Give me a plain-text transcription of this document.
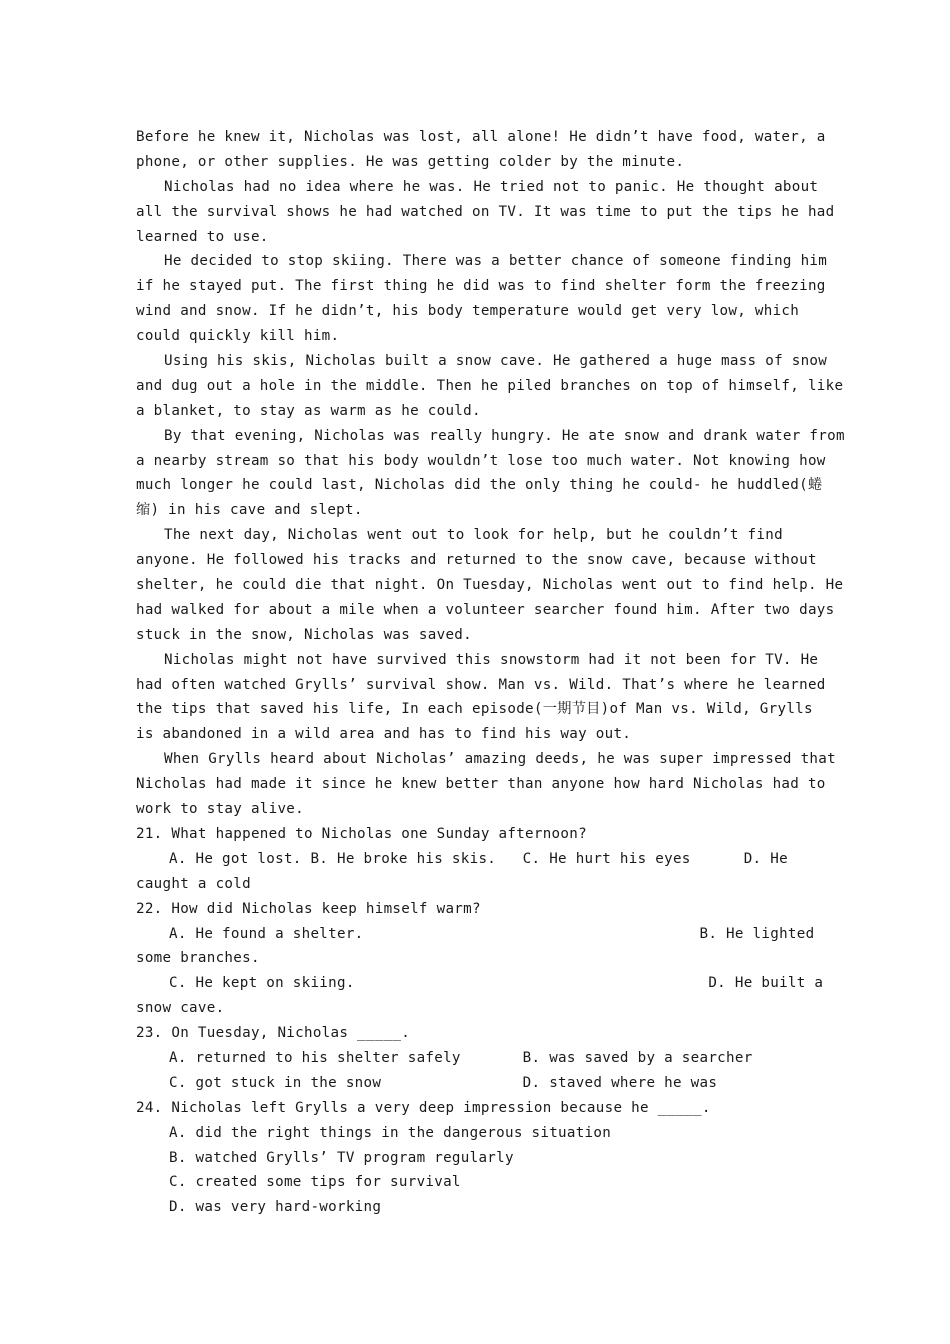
Before he knew it, Nicholas was lost, all alone! He didn’t have food, water, a
phone, or other supplies. He was getting colder by the minute.
Nicholas had no idea where he was. He tried not to panic. He thought about
all the survival shows he had watched on TV. It was time to put the tips he had
learned to use.
He decided to stop skiing. There was a better chance of someone finding him
if he stayed put. The first thing he did was to find shelter form the freezing
wind and snow. If he didn’t, his body temperature would get very low, which
could quickly kill him.
Using his skis, Nicholas built a snow cave. He gathered a huge mass of snow
and dug out a hole in the middle. Then he piled branches on top of himself, like
a blanket, to stay as warm as he could.
By that evening, Nicholas was really hungry. He ate snow and drank water from
a nearby stream so that his body wouldn’t lose too much water. Not knowing how
much longer he could last, Nicholas did the only thing he could- he huddled(蜷
缩) in his cave and slept.
The next day, Nicholas went out to look for help, but he couldn’t find
anyone. He followed his tracks and returned to the snow cave, because without
shelter, he could die that night. On Tuesday, Nicholas went out to find help. He
had walked for about a mile when a volunteer searcher found him. After two days
stuck in the snow, Nicholas was saved.
Nicholas might not have survived this snowstorm had it not been for TV. He
had often watched Grylls’ survival show. Man vs. Wild. That’s where he learned
the tips that saved his life, In each episode(一期节目)of Man vs. Wild, Grylls
is abandoned in a wild area and has to find his way out.
When Grylls heard about Nicholas’ amazing deeds, he was super impressed that
Nicholas had made it since he knew better than anyone how hard Nicholas had to
work to stay alive.
21. What happened to Nicholas one Sunday afternoon?
A. He got lost. B. He broke his skis.   C. He hurt his eyes      D. He
caught a cold
22. How did Nicholas keep himself warm?
A. He found a shelter.                                      B. He lighted
some branches.
C. He kept on skiing.                                        D. He built a
snow cave.
23. On Tuesday, Nicholas _____.
A. returned to his shelter safely       B. was saved by a searcher
C. got stuck in the snow                D. staved where he was
24. Nicholas left Grylls a very deep impression because he _____.
A. did the right things in the dangerous situation
B. watched Grylls’ TV program regularly
C. created some tips for survival
D. was very hard-working
